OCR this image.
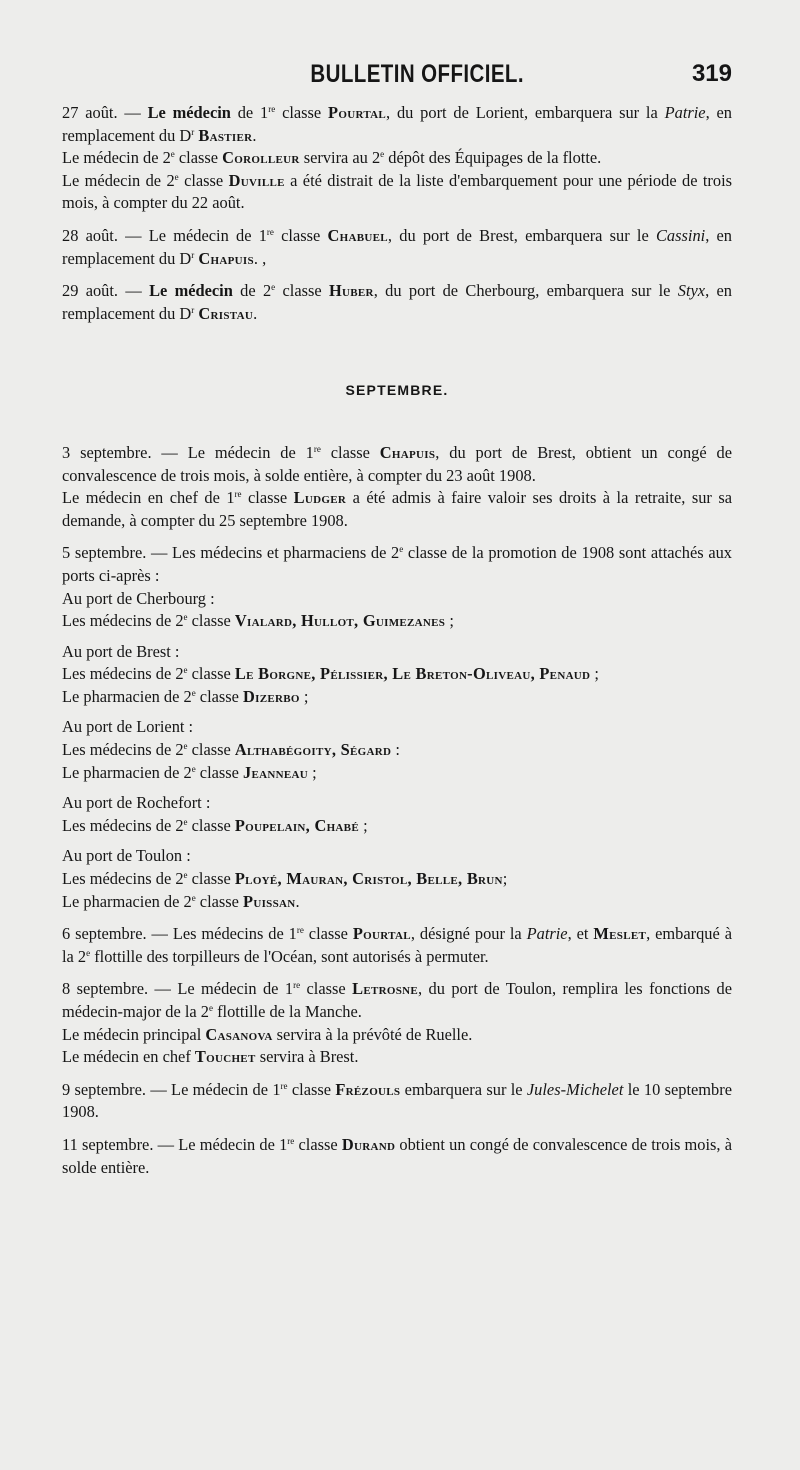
BULLETIN OFFICIEL.	319

27 août. — Le médecin de 1re classe Pourtal, du port de Lorient, embarquera sur la Patrie, en remplacement du $D^r$ Bastier.

Le médecin de 2e classe Corolleur servira au 2e dépôt des Équipages de la flotte.

Le médecin de 2e classe Duville a été distrait de la liste d'embarquement pour une période de trois mois, à compter du 22 août.

28 août. — Le médecin de 1re classe Chabuel, du port de Brest, embarquera sur le Cassini, en remplacement du $D^r$ Chapuis. ,

29 août. — Le médecin de 2e classe Huber, du port de Cherbourg, embarquera sur le Styx, en remplacement du $D^r$ Cristau.

SEPTEMBRE.

3 septembre. — Le médecin de 1re classe Chapuis, du port de Brest, obtient un congé de convalescence de trois mois, à solde entière, à compter du 23 août 1908.

Le médecin en chef de 1re classe Ludger a été admis à faire valoir ses droits à la retraite, sur sa demande, à compter du 25 septembre 1908.

5 septembre. — Les médecins et pharmaciens de 2e classe de la promotion de 1908 sont attachés aux ports ci-après :

Au port de Cherbourg :

Les médecins de 2e classe Vialard, Hullot, Guimezanes ;

Au port de Brest :

Les médecins de 2e classe Le Borgne, Pélissier, Le Breton-Oliveau, Penaud ;

Le pharmacien de 2e classe Dizerbo ;

Au port de Lorient :

Les médecins de 2e classe Althabégoity, Ségard :

Le pharmacien de 2e classe Jeanneau ;

Au port de Rochefort :

Les médecins de 2e classe Poupelain, Chabé ;

Au port de Toulon :

Les médecins de 2e classe Ployé, Mauran, Cristol, Belle, Brun;

Le pharmacien de 2e classe Puissan.

6 septembre. — Les médecins de 1re classe Pourtal, désigné pour la Patrie, et Meslet, embarqué à la 2e flottille des torpilleurs de l'Océan, sont autorisés à permuter.

8 septembre. — Le médecin de 1re classe Letrosne, du port de Toulon, remplira les fonctions de médecin-major de la 2e flottille de la Manche.

Le médecin principal Casanova servira à la prévôté de Ruelle.

Le médecin en chef Touchet servira à Brest.

9 septembre. — Le médecin de 1re classe Frézouls embarquera sur le Jules-Michelet le 10 septembre 1908.

11 septembre. — Le médecin de 1re classe Durand obtient un congé de convalescence de trois mois, à solde entière.
